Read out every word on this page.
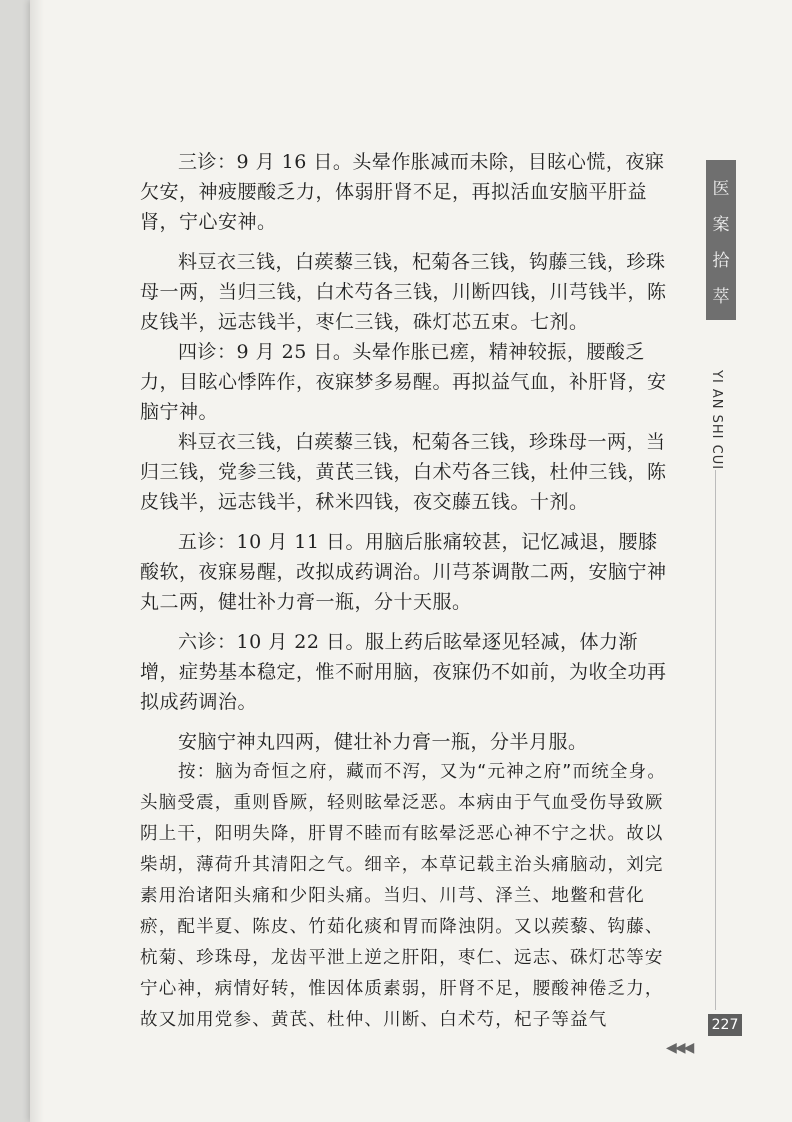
三诊：9 月 16 日。头晕作胀减而未除，目眩心慌，夜寐欠安，神疲腰酸乏力，体弱肝肾不足，再拟活血安脑平肝益肾，宁心安神。

料豆衣三钱，白蒺藜三钱，杞菊各三钱，钩藤三钱，珍珠母一两，当归三钱，白术芍各三钱，川断四钱，川芎钱半，陈皮钱半，远志钱半，枣仁三钱，硃灯芯五束。七剂。

四诊：9 月 25 日。头晕作胀已瘥，精神较振，腰酸乏力，目眩心悸阵作，夜寐梦多易醒。再拟益气血，补肝肾，安脑宁神。

料豆衣三钱，白蒺藜三钱，杞菊各三钱，珍珠母一两，当归三钱，党参三钱，黄芪三钱，白术芍各三钱，杜仲三钱，陈皮钱半，远志钱半，秫米四钱，夜交藤五钱。十剂。

五诊：10 月 11 日。用脑后胀痛较甚，记忆减退，腰膝酸软，夜寐易醒，改拟成药调治。川芎茶调散二两，安脑宁神丸二两，健壮补力膏一瓶，分十天服。

六诊：10 月 22 日。服上药后眩晕逐见轻减，体力渐增，症势基本稳定，惟不耐用脑，夜寐仍不如前，为收全功再拟成药调治。

安脑宁神丸四两，健壮补力膏一瓶，分半月服。

按：脑为奇恒之府，藏而不泻，又为“元神之府”而统全身。头脑受震，重则昏厥，轻则眩晕泛恶。本病由于气血受伤导致厥阴上干，阳明失降，肝胃不睦而有眩晕泛恶心神不宁之状。故以柴胡，薄荷升其清阳之气。细辛，本草记载主治头痛脑动，刘完素用治诸阳头痛和少阳头痛。当归、川芎、泽兰、地鳖和营化瘀，配半夏、陈皮、竹茹化痰和胃而降浊阴。又以蒺藜、钩藤、杭菊、珍珠母，龙齿平泄上逆之肝阳，枣仁、远志、硃灯芯等安宁心神，病情好转，惟因体质素弱，肝肾不足，腰酸神倦乏力，故又加用党参、黄芪、杜仲、川断、白术芍，杞子等益气

医
案
拾
萃
YI AN SHI CUI
227
◀◀◀
